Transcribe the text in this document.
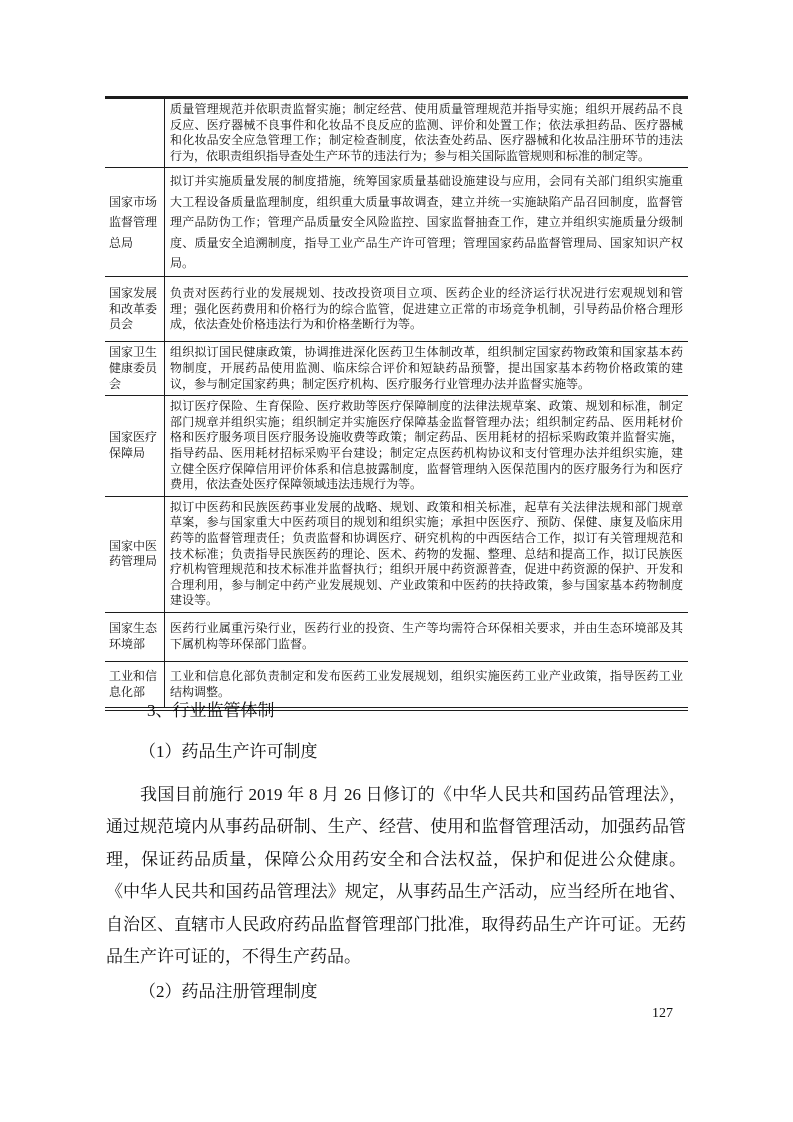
	质量管理规范并依职责监督实施；制定经营、使用质量管理规范并指导实施；组织开展药品不良反应、医疗器械不良事件和化妆品不良反应的监测、评价和处置工作；依法承担药品、医疗器械和化妆品安全应急管理工作；制定检查制度，依法查处药品、医疗器械和化妆品注册环节的违法行为，依职责组织指导查处生产环节的违法行为；参与相关国际监管规则和标准的制定等。
国家市场监督管理总局	拟订并实施质量发展的制度措施，统筹国家质量基础设施建设与应用，会同有关部门组织实施重大工程设备质量监理制度，组织重大质量事故调查，建立并统一实施缺陷产品召回制度，监督管理产品防伪工作；管理产品质量安全风险监控、国家监督抽查工作，建立并组织实施质量分级制度、质量安全追溯制度，指导工业产品生产许可管理；管理国家药品监督管理局、国家知识产权局。
国家发展和改革委员会	负责对医药行业的发展规划、技改投资项目立项、医药企业的经济运行状况进行宏观规划和管理；强化医药费用和价格行为的综合监管，促进建立正常的市场竞争机制，引导药品价格合理形成，依法查处价格违法行为和价格垄断行为等。
国家卫生健康委员会	组织拟订国民健康政策，协调推进深化医药卫生体制改革，组织制定国家药物政策和国家基本药物制度，开展药品使用监测、临床综合评价和短缺药品预警，提出国家基本药物价格政策的建议，参与制定国家药典；制定医疗机构、医疗服务行业管理办法并监督实施等。
国家医疗保障局	拟订医疗保险、生育保险、医疗救助等医疗保障制度的法律法规草案、政策、规划和标准，制定部门规章并组织实施；组织制定并实施医疗保障基金监督管理办法；组织制定药品、医用耗材价格和医疗服务项目医疗服务设施收费等政策；制定药品、医用耗材的招标采购政策并监督实施，指导药品、医用耗材招标采购平台建设；制定定点医药机构协议和支付管理办法并组织实施，建立健全医疗保障信用评价体系和信息披露制度，监督管理纳入医保范围内的医疗服务行为和医疗费用，依法查处医疗保障领域违法违规行为等。
国家中医药管理局	拟订中医药和民族医药事业发展的战略、规划、政策和相关标准，起草有关法律法规和部门规章草案，参与国家重大中医药项目的规划和组织实施；承担中医医疗、预防、保健、康复及临床用药等的监督管理责任；负责监督和协调医疗、研究机构的中西医结合工作，拟订有关管理规范和技术标准；负责指导民族医药的理论、医术、药物的发掘、整理、总结和提高工作，拟订民族医疗机构管理规范和技术标准并监督执行；组织开展中药资源普查，促进中药资源的保护、开发和合理利用，参与制定中药产业发展规划、产业政策和中医药的扶持政策，参与国家基本药物制度建设等。
国家生态环境部	医药行业属重污染行业，医药行业的投资、生产等均需符合环保相关要求，并由生态环境部及其下属机构等环保部门监督。
工业和信息化部	工业和信息化部负责制定和发布医药工业发展规划，组织实施医药工业产业政策，指导医药工业结构调整。
3、行业监管体制
（1）药品生产许可制度
我国目前施行 2019 年 8 月 26 日修订的《中华人民共和国药品管理法》，通过规范境内从事药品研制、生产、经营、使用和监督管理活动，加强药品管理，保证药品质量，保障公众用药安全和合法权益，保护和促进公众健康。《中华人民共和国药品管理法》规定，从事药品生产活动，应当经所在地省、自治区、直辖市人民政府药品监督管理部门批准，取得药品生产许可证。无药品生产许可证的，不得生产药品。
（2）药品注册管理制度
127
